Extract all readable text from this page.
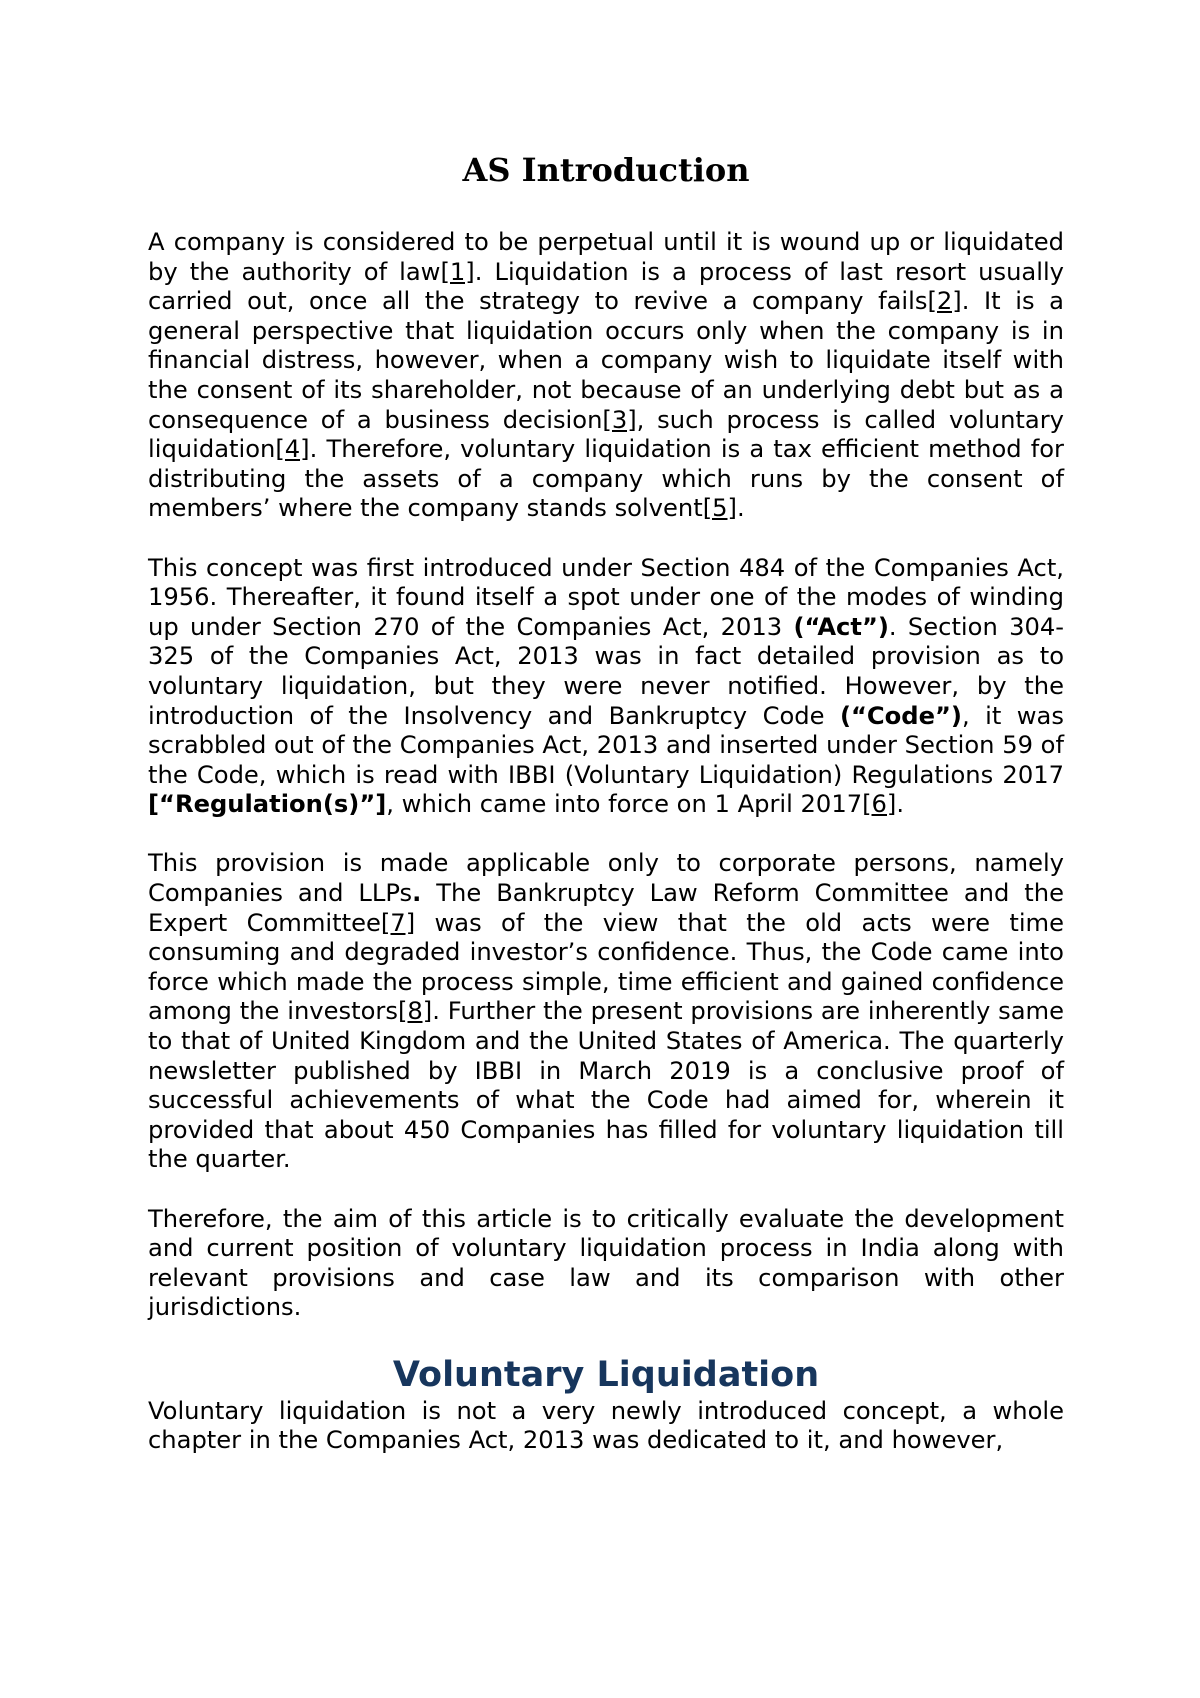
AS Introduction
A company is considered to be perpetual until it is wound up or liquidated by the authority of law[1]. Liquidation is a process of last resort usually carried out, once all the strategy to revive a company fails[2]. It is a general perspective that liquidation occurs only when the company is in financial distress, however, when a company wish to liquidate itself with the consent of its shareholder, not because of an underlying debt but as a consequence of a business decision[3], such process is called voluntary liquidation[4]. Therefore, voluntary liquidation is a tax efficient method for distributing the assets of a company which runs by the consent of members’ where the company stands solvent[5].
This concept was first introduced under Section 484 of the Companies Act, 1956. Thereafter, it found itself a spot under one of the modes of winding up under Section 270 of the Companies Act, 2013 (“Act”). Section 304-325 of the Companies Act, 2013 was in fact detailed provision as to voluntary liquidation, but they were never notified. However, by the introduction of the Insolvency and Bankruptcy Code (“Code”), it was scrabbled out of the Companies Act, 2013 and inserted under Section 59 of the Code, which is read with IBBI (Voluntary Liquidation) Regulations 2017 [“Regulation(s)”], which came into force on 1 April 2017[6].
This provision is made applicable only to corporate persons, namely Companies and LLPs. The Bankruptcy Law Reform Committee and the Expert Committee[7] was of the view that the old acts were time consuming and degraded investor’s confidence. Thus, the Code came into force which made the process simple, time efficient and gained confidence among the investors[8]. Further the present provisions are inherently same to that of United Kingdom and the United States of America. The quarterly newsletter published by IBBI in March 2019 is a conclusive proof of successful achievements of what the Code had aimed for, wherein it provided that about 450 Companies has filled for voluntary liquidation till the quarter.
Therefore, the aim of this article is to critically evaluate the development and current position of voluntary liquidation process in India along with relevant provisions and case law and its comparison with other jurisdictions.
Voluntary Liquidation
Voluntary liquidation is not a very newly introduced concept, a whole chapter in the Companies Act, 2013 was dedicated to it, and however,
